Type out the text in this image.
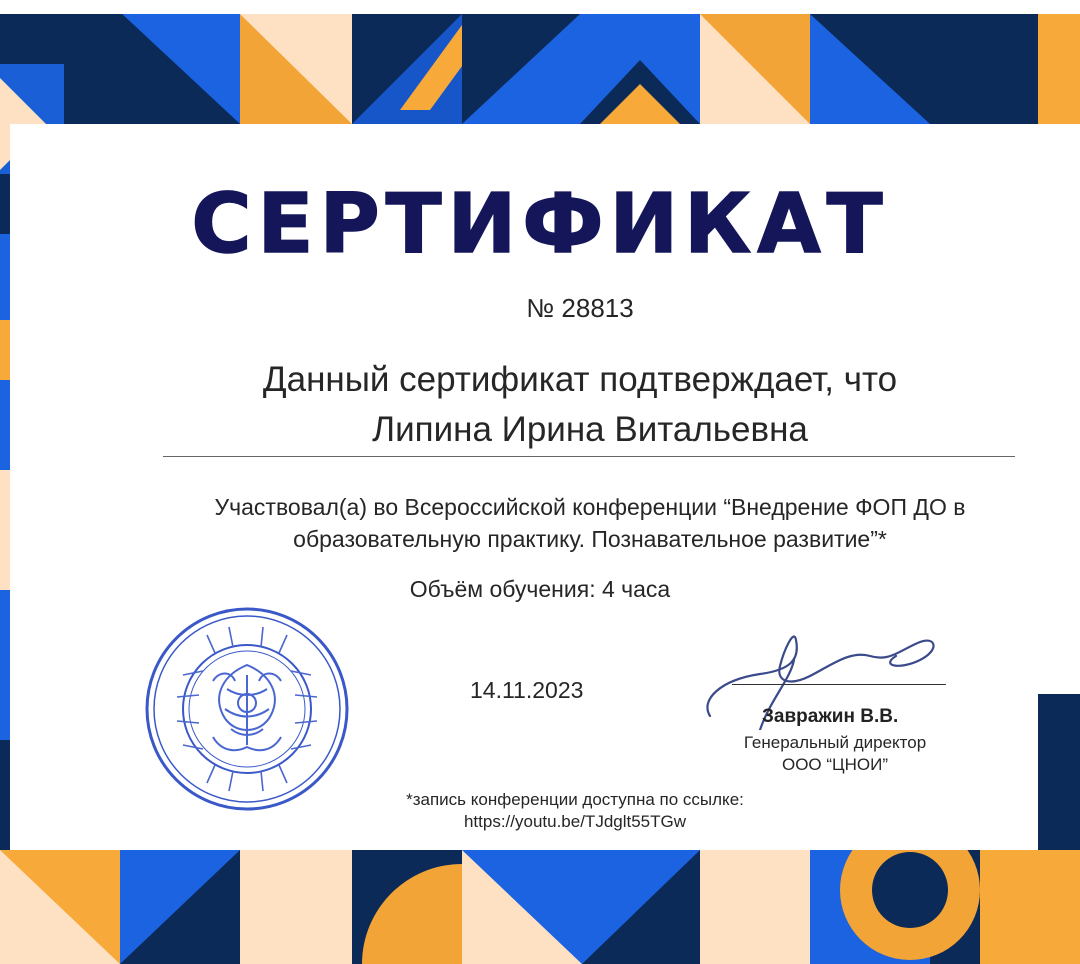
СЕРТИФИКАТ
№ 28813
Данный сертификат подтверждает, что
Липина Ирина Витальевна
Участвовал(а) во Всероссийской конференции “Внедрение ФОП ДО в
образовательную практику. Познавательное развитие”*
Объём обучения: 4 часа
14.11.2023
Завражин В.В.
Генеральный директор
ООО “ЦНОИ”
*запись конференции доступна по ссылке:
https://youtu.be/TJdglt55TGw
